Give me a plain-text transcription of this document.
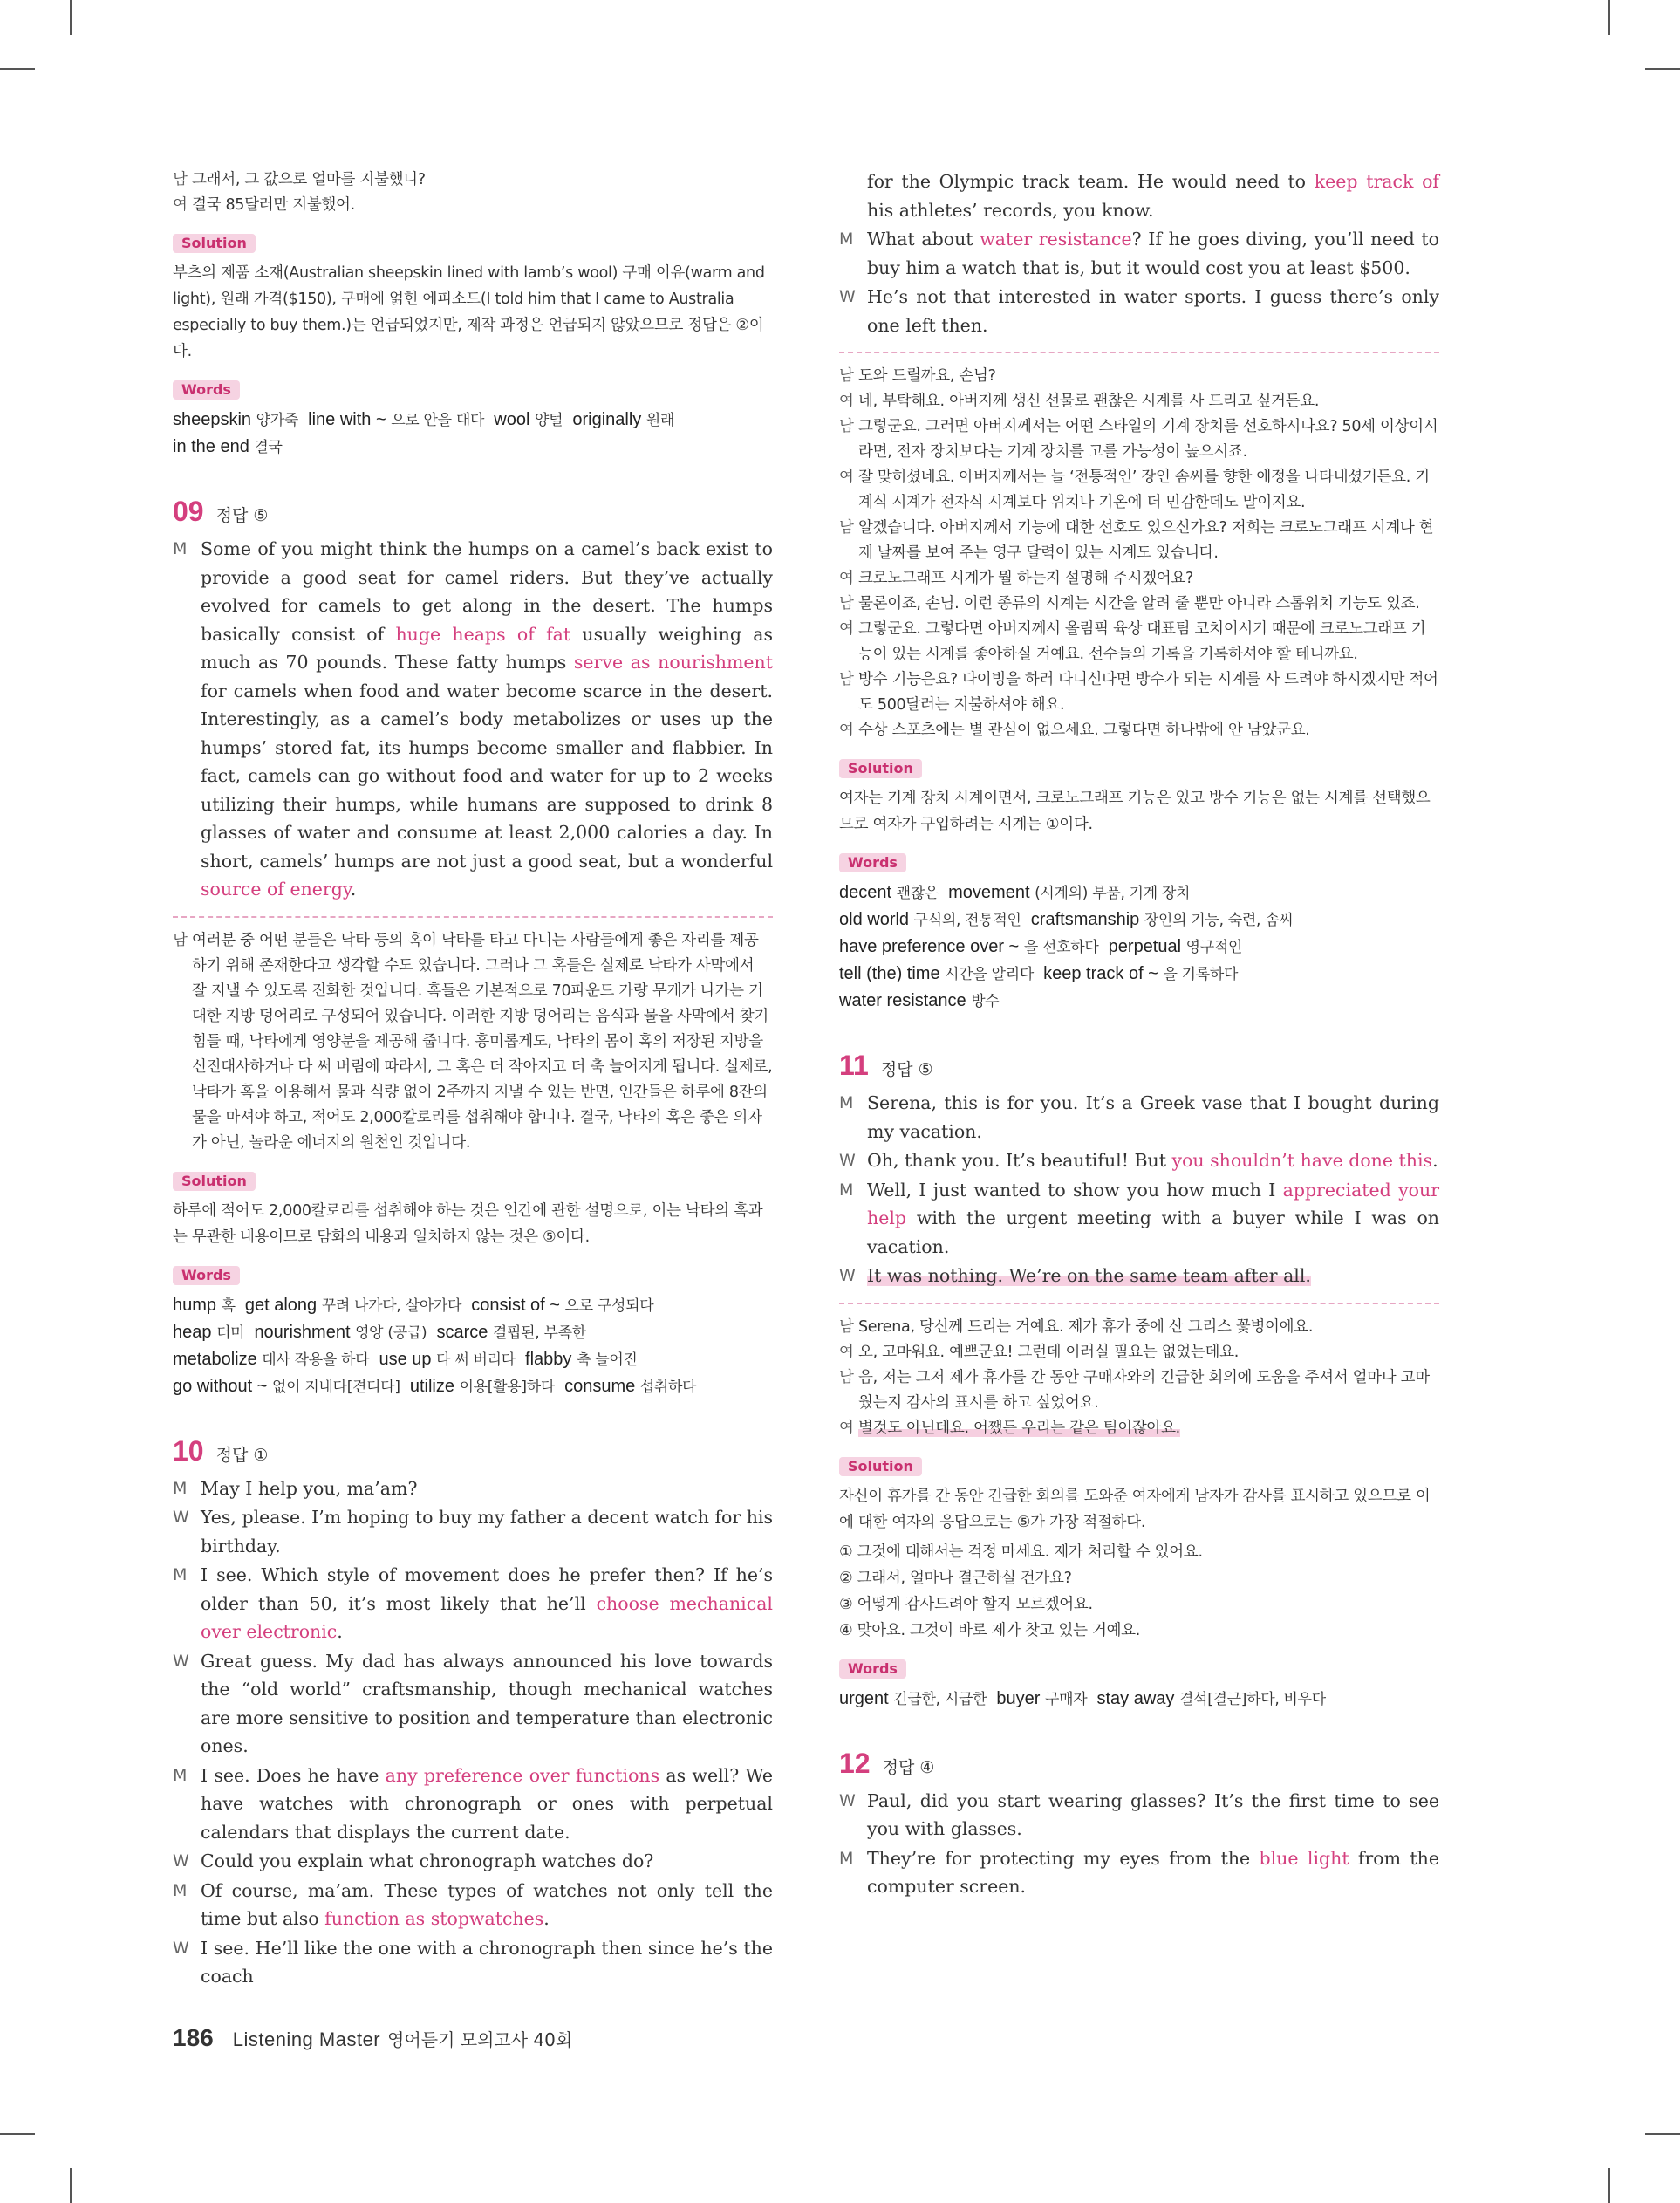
남 그래서, 그 값으로 얼마를 지불했니?
여 결국 85달러만 지불했어.
Solution
부츠의 제품 소재(Australian sheepskin lined with lamb’s wool) 구매 이유(warm and light), 원래 가격($150), 구매에 얽힌 에피소드(I told him that I came to Australia especially to buy them.)는 언급되었지만, 제작 과정은 언급되지 않았으므로 정답은 ②이다.
Words
sheepskin 양가죽 line with ~ 으로 안을 대다 wool 양털 originally 원래
in the end 결국
09 정답 ⑤
M Some of you might think the humps on a camel’s back exist to provide a good seat for camel riders. But they’ve actually evolved for camels to get along in the desert. The humps basically consist of huge heaps of fat usually weighing as much as 70 pounds. These fatty humps serve as nourishment for camels when food and water become scarce in the desert. Interestingly, as a camel’s body metabolizes or uses up the humps’ stored fat, its humps become smaller and flabbier. In fact, camels can go without food and water for up to 2 weeks utilizing their humps, while humans are supposed to drink 8 glasses of water and consume at least 2,000 calories a day. In short, camels’ humps are not just a good seat, but a wonderful source of energy.
남 여러분 중 어떤 분들은 낙타 등의 혹이 낙타를 타고 다니는 사람들에게 좋은 자리를 제공하기 위해 존재한다고 생각할 수도 있습니다. 그러나 그 혹들은 실제로 낙타가 사막에서 잘 지낼 수 있도록 진화한 것입니다. 혹들은 기본적으로 70파운드 가량 무게가 나가는 거대한 지방 덩어리로 구성되어 있습니다. 이러한 지방 덩어리는 음식과 물을 사막에서 찾기 힘들 때, 낙타에게 영양분을 제공해 줍니다. 흥미롭게도, 낙타의 몸이 혹의 저장된 지방을 신진대사하거나 다 써 버림에 따라서, 그 혹은 더 작아지고 더 축 늘어지게 됩니다. 실제로, 낙타가 혹을 이용해서 물과 식량 없이 2주까지 지낼 수 있는 반면, 인간들은 하루에 8잔의 물을 마셔야 하고, 적어도 2,000칼로리를 섭취해야 합니다. 결국, 낙타의 혹은 좋은 의자가 아닌, 놀라운 에너지의 원천인 것입니다.
Solution
하루에 적어도 2,000칼로리를 섭취해야 하는 것은 인간에 관한 설명으로, 이는 낙타의 혹과는 무관한 내용이므로 담화의 내용과 일치하지 않는 것은 ⑤이다.
Words
hump 혹 get along 꾸려 나가다, 살아가다 consist of ~ 으로 구성되다
heap 더미 nourishment 영양 (공급) scarce 결핍된, 부족한
metabolize 대사 작용을 하다 use up 다 써 버리다 flabby 축 늘어진
go without ~ 없이 지내다[견디다] utilize 이용[활용]하다 consume 섭취하다
10 정답 ①
M May I help you, ma’am?
W Yes, please. I’m hoping to buy my father a decent watch for his birthday.
M I see. Which style of movement does he prefer then? If he’s older than 50, it’s most likely that he’ll choose mechanical over electronic.
W Great guess. My dad has always announced his love towards the “old world” craftsmanship, though mechanical watches are more sensitive to position and temperature than electronic ones.
M I see. Does he have any preference over functions as well? We have watches with chronograph or ones with perpetual calendars that displays the current date.
W Could you explain what chronograph watches do?
M Of course, ma’am. These types of watches not only tell the time but also function as stopwatches.
W I see. He’ll like the one with a chronograph then since he’s the coach
for the Olympic track team. He would need to keep track of his athletes’ records, you know.
M What about water resistance? If he goes diving, you’ll need to buy him a watch that is, but it would cost you at least $500.
W He’s not that interested in water sports. I guess there’s only one left then.
남 도와 드릴까요, 손님?
여 네, 부탁해요. 아버지께 생신 선물로 괜찮은 시계를 사 드리고 싶거든요.
남 그렇군요. 그러면 아버지께서는 어떤 스타일의 기계 장치를 선호하시나요? 50세 이상이시라면, 전자 장치보다는 기계 장치를 고를 가능성이 높으시죠.
여 잘 맞히셨네요. 아버지께서는 늘 ‘전통적인’ 장인 솜씨를 향한 애정을 나타내셨거든요. 기계식 시계가 전자식 시계보다 위치나 기온에 더 민감한데도 말이지요.
남 알겠습니다. 아버지께서 기능에 대한 선호도 있으신가요? 저희는 크로노그래프 시계나 현재 날짜를 보여 주는 영구 달력이 있는 시계도 있습니다.
여 크로노그래프 시계가 뭘 하는지 설명해 주시겠어요?
남 물론이죠, 손님. 이런 종류의 시계는 시간을 알려 줄 뿐만 아니라 스톱워치 기능도 있죠.
여 그렇군요. 그렇다면 아버지께서 올림픽 육상 대표팀 코치이시기 때문에 크로노그래프 기능이 있는 시계를 좋아하실 거예요. 선수들의 기록을 기록하셔야 할 테니까요.
남 방수 기능은요? 다이빙을 하러 다니신다면 방수가 되는 시계를 사 드려야 하시겠지만 적어도 500달러는 지불하셔야 해요.
여 수상 스포츠에는 별 관심이 없으세요. 그렇다면 하나밖에 안 남았군요.
Solution
여자는 기계 장치 시계이면서, 크로노그래프 기능은 있고 방수 기능은 없는 시계를 선택했으므로 여자가 구입하려는 시계는 ①이다.
Words
decent 괜찮은 movement (시계의) 부품, 기계 장치
old world 구식의, 전통적인 craftsmanship 장인의 기능, 숙련, 솜씨
have preference over ~ 을 선호하다 perpetual 영구적인
tell (the) time 시간을 알리다 keep track of ~ 을 기록하다
water resistance 방수
11 정답 ⑤
M Serena, this is for you. It’s a Greek vase that I bought during my vacation.
W Oh, thank you. It’s beautiful! But you shouldn’t have done this.
M Well, I just wanted to show you how much I appreciated your help with the urgent meeting with a buyer while I was on vacation.
W It was nothing. We’re on the same team after all.
남 Serena, 당신께 드리는 거예요. 제가 휴가 중에 산 그리스 꽃병이에요.
여 오, 고마워요. 예쁘군요! 그런데 이러실 필요는 없었는데요.
남 음, 저는 그저 제가 휴가를 간 동안 구매자와의 긴급한 회의에 도움을 주셔서 얼마나 고마웠는지 감사의 표시를 하고 싶었어요.
여 별것도 아닌데요. 어쨌든 우리는 같은 팀이잖아요.
Solution
자신이 휴가를 간 동안 긴급한 회의를 도와준 여자에게 남자가 감사를 표시하고 있으므로 이에 대한 여자의 응답으로는 ⑤가 가장 적절하다.
① 그것에 대해서는 걱정 마세요. 제가 처리할 수 있어요.
② 그래서, 얼마나 결근하실 건가요?
③ 어떻게 감사드려야 할지 모르겠어요.
④ 맞아요. 그것이 바로 제가 찾고 있는 거예요.
Words
urgent 긴급한, 시급한 buyer 구매자 stay away 결석[결근]하다, 비우다
12 정답 ④
W Paul, did you start wearing glasses? It’s the first time to see you with glasses.
M They’re for protecting my eyes from the blue light from the computer screen.
186 Listening Master 영어듣기 모의고사 40회
